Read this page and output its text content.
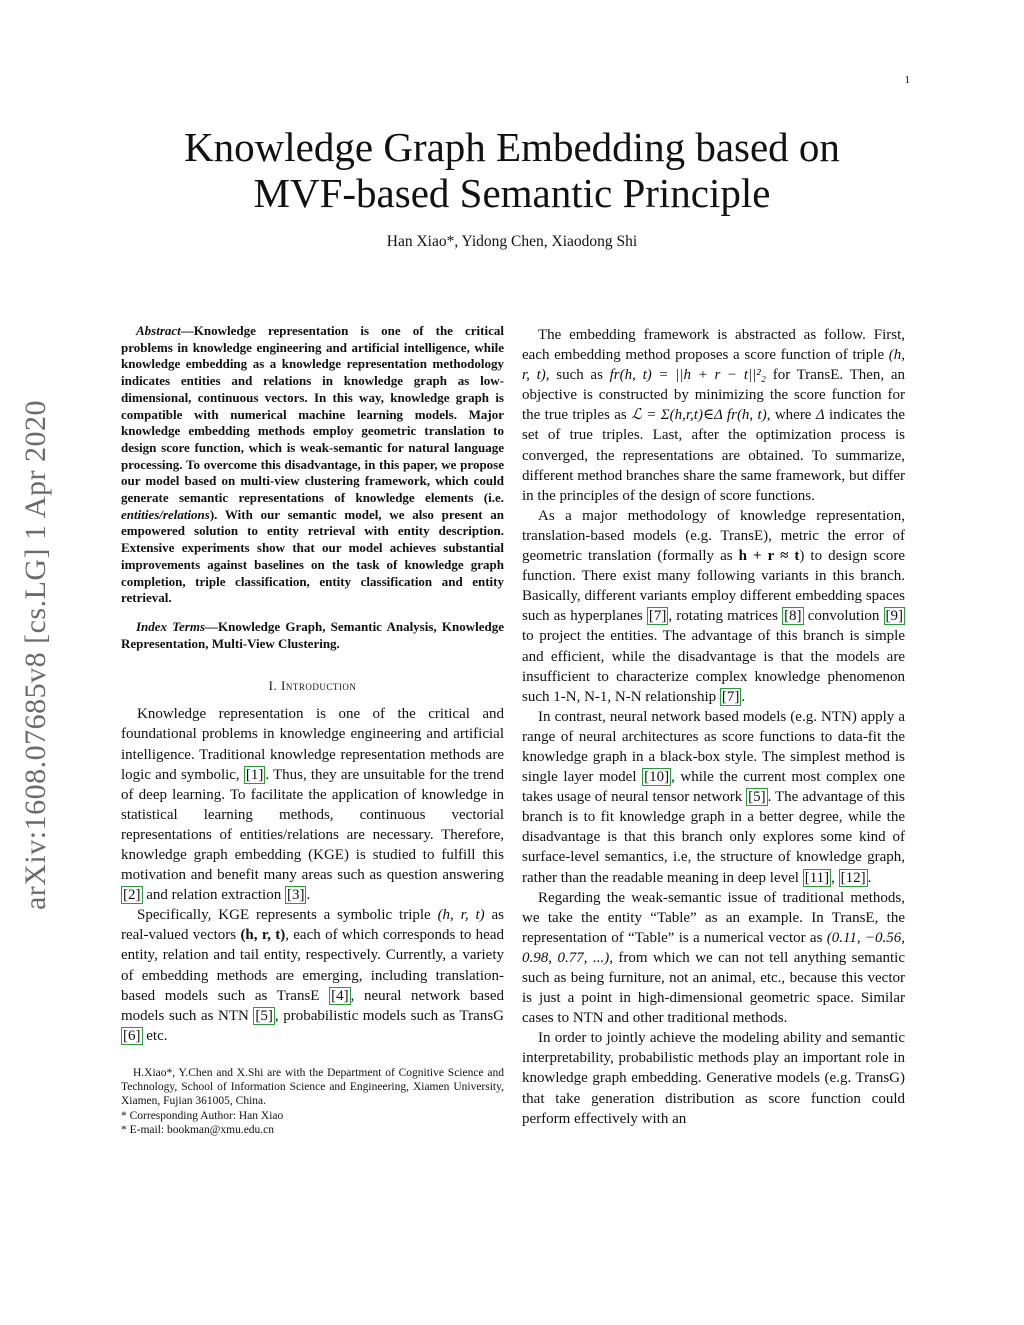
1
arXiv:1608.07685v8 [cs.LG] 1 Apr 2020
Knowledge Graph Embedding based on
MVF-based Semantic Principle
Han Xiao*, Yidong Chen, Xiaodong Shi

Abstract—Knowledge representation is one of the critical problems in knowledge engineering and artificial intelligence, while knowledge embedding as a knowledge representation methodology indicates entities and relations in knowledge graph as low-dimensional, continuous vectors. In this way, knowledge graph is compatible with numerical machine learning models. Major knowledge embedding methods employ geometric translation to design score function, which is weak-semantic for natural language processing. To overcome this disadvantage, in this paper, we propose our model based on multi-view clustering framework, which could generate semantic representations of knowledge elements (i.e. entities/relations). With our semantic model, we also present an empowered solution to entity retrieval with entity description. Extensive experiments show that our model achieves substantial improvements against baselines on the task of knowledge graph completion, triple classification, entity classification and entity retrieval.

Index Terms—Knowledge Graph, Semantic Analysis, Knowledge Representation, Multi-View Clustering.

I. Introduction

Knowledge representation is one of the critical and foundational problems in knowledge engineering and artificial intelligence. Traditional knowledge representation methods are logic and symbolic, [1] . Thus, they are unsuitable for the trend of deep learning. To facilitate the application of knowledge in statistical learning methods, continuous vectorial representations of entities/relations are necessary. Therefore, knowledge graph embedding (KGE) is studied to fulfill this motivation and benefit many areas such as question answering [2] and relation extraction [3] .

Specifically, KGE represents a symbolic triple (h, r, t) as real-valued vectors (h, r, t), each of which corresponds to head entity, relation and tail entity, respectively. Currently, a variety of embedding methods are emerging, including translation-based models such as TransE [4] , neural network based models such as NTN [5] , probabilistic models such as TransG [6] etc.

H.Xiao*, Y.Chen and X.Shi are with the Department of Cognitive Science and Technology, School of Information Science and Engineering, Xiamen University, Xiamen, Fujian 361005, China.

* Corresponding Author: Han Xiao

* E-mail: bookman@xmu.edu.cn

The embedding framework is abstracted as follow. First, each embedding method proposes a score function of triple (h, r, t), such as fr(h, t) = ||h + r − t||²₂ for TransE. Then, an objective is constructed by minimizing the score function for the true triples as ℒ = Σ(h,r,t)∈Δ fr(h, t), where Δ indicates the set of true triples. Last, after the optimization process is converged, the representations are obtained. To summarize, different method branches share the same framework, but differ in the principles of the design of score functions.

As a major methodology of knowledge representation, translation-based models (e.g. TransE), metric the error of geometric translation (formally as h + r ≈ t) to design score function. There exist many following variants in this branch. Basically, different variants employ different embedding spaces such as hyperplanes [7] , rotating matrices [8] convolution [9] to project the entities. The advantage of this branch is simple and efficient, while the disadvantage is that the models are insufficient to characterize complex knowledge phenomenon such 1-N, N-1, N-N relationship [7] .

In contrast, neural network based models (e.g. NTN) apply a range of neural architectures as score functions to data-fit the knowledge graph in a black-box style. The simplest method is single layer model [10] , while the current most complex one takes usage of neural tensor network [5] . The advantage of this branch is to fit knowledge graph in a better degree, while the disadvantage is that this branch only explores some kind of surface-level semantics, i.e, the structure of knowledge graph, rather than the readable meaning in deep level [11] , [12] .

Regarding the weak-semantic issue of traditional methods, we take the entity “Table” as an example. In TransE, the representation of “Table” is a numerical vector as (0.11, −0.56, 0.98, 0.77, ...), from which we can not tell anything semantic such as being furniture, not an animal, etc., because this vector is just a point in high-dimensional geometric space. Similar cases to NTN and other traditional methods.

In order to jointly achieve the modeling ability and semantic interpretability, probabilistic methods play an important role in knowledge graph embedding. Generative models (e.g. TransG) that take generation distribution as score function could perform effectively with an
